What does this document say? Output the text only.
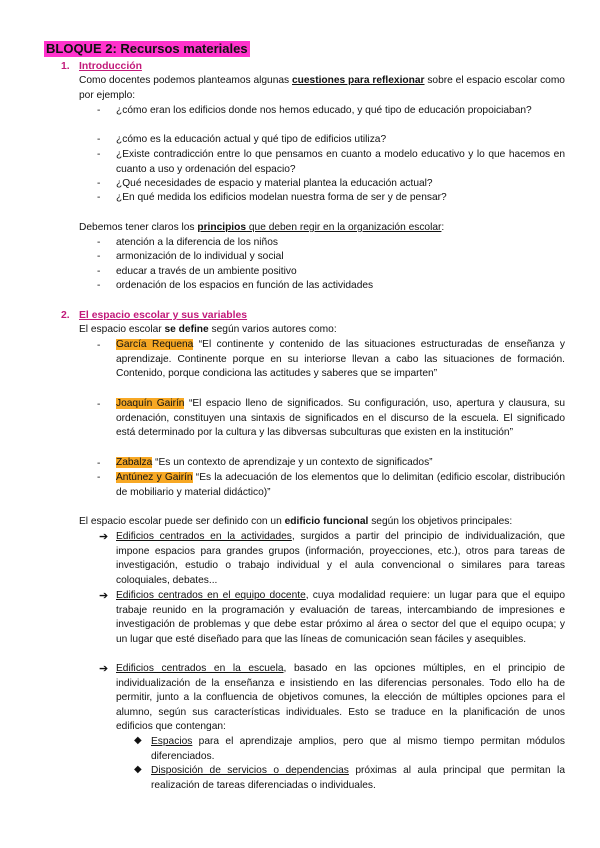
BLOQUE 2: Recursos materiales
1. Introducción
Como docentes podemos planteamos algunas cuestiones para reflexionar sobre el espacio escolar como por ejemplo:
- ¿cómo eran los edificios donde nos hemos educado, y qué tipo de educación propoiciaban?
- ¿cómo es la educación actual y qué tipo de edificios utiliza?
- ¿Existe contradicción entre lo que pensamos en cuanto a modelo educativo y lo que hacemos en cuanto a uso y ordenación del espacio?
- ¿Qué necesidades de espacio y material plantea la educación actual?
- ¿En qué medida los edificios modelan nuestra forma de ser y de pensar?
Debemos tener claros los principios que deben regir en la organización escolar:
- atención a la diferencia de los niños
- armonización de lo individual y social
- educar a través de un ambiente positivo
- ordenación de los espacios en función de las actividades
2. El espacio escolar y sus variables
El espacio escolar se define según varios autores como:
- García Requena “El continente y contenido de las situaciones estructuradas de enseñanza y aprendizaje. Continente porque en su interiorse llevan a cabo las situaciones de formación. Contenido, porque condiciona las actitudes y saberes que se imparten”
- Joaquín Gairín “El espacio lleno de significados. Su configuración, uso, apertura y clausura, su ordenación, constituyen una sintaxis de significados en el discurso de la escuela. El significado está determinado por la cultura y las dibversas subculturas que existen en la institución”
- Zabalza “Es un contexto de aprendizaje y un contexto de significados”
- Antúnez y Gairín “Es la adecuación de los elementos que lo delimitan (edificio escolar, distribución de mobiliario y material didáctico)”
El espacio escolar puede ser definido con un edificio funcional según los objetivos principales:
➔ Edificios centrados en la actividades, surgidos a partir del principio de individualización, que impone espacios para grandes grupos (información, proyecciones, etc.), otros para tareas de investigación, estudio o trabajo individual y el aula convencional o similares para tareas coloquiales, debates...
➔ Edificios centrados en el equipo docente, cuya modalidad requiere: un lugar para que el equipo trabaje reunido en la programación y evaluación de tareas, intercambiando de impresiones e investigación de problemas y que debe estar próximo al área o sector del que el equipo ocupa; y un lugar que esté diseñado para que las líneas de comunicación sean fáciles y asequibles.
➔ Edificios centrados en la escuela, basado en las opciones múltiples, en el principio de individualización de la enseñanza e insistiendo en las diferencias personales. Todo ello ha de permitir, junto a la confluencia de objetivos comunes, la elección de múltiples opciones para el alumno, según sus características individuales. Esto se traduce en la planificación de unos edificios que contengan:
◆ Espacios para el aprendizaje amplios, pero que al mismo tiempo permitan módulos diferenciados.
◆ Disposición de servicios o dependencias próximas al aula principal que permitan la realización de tareas diferenciadas o individuales.
